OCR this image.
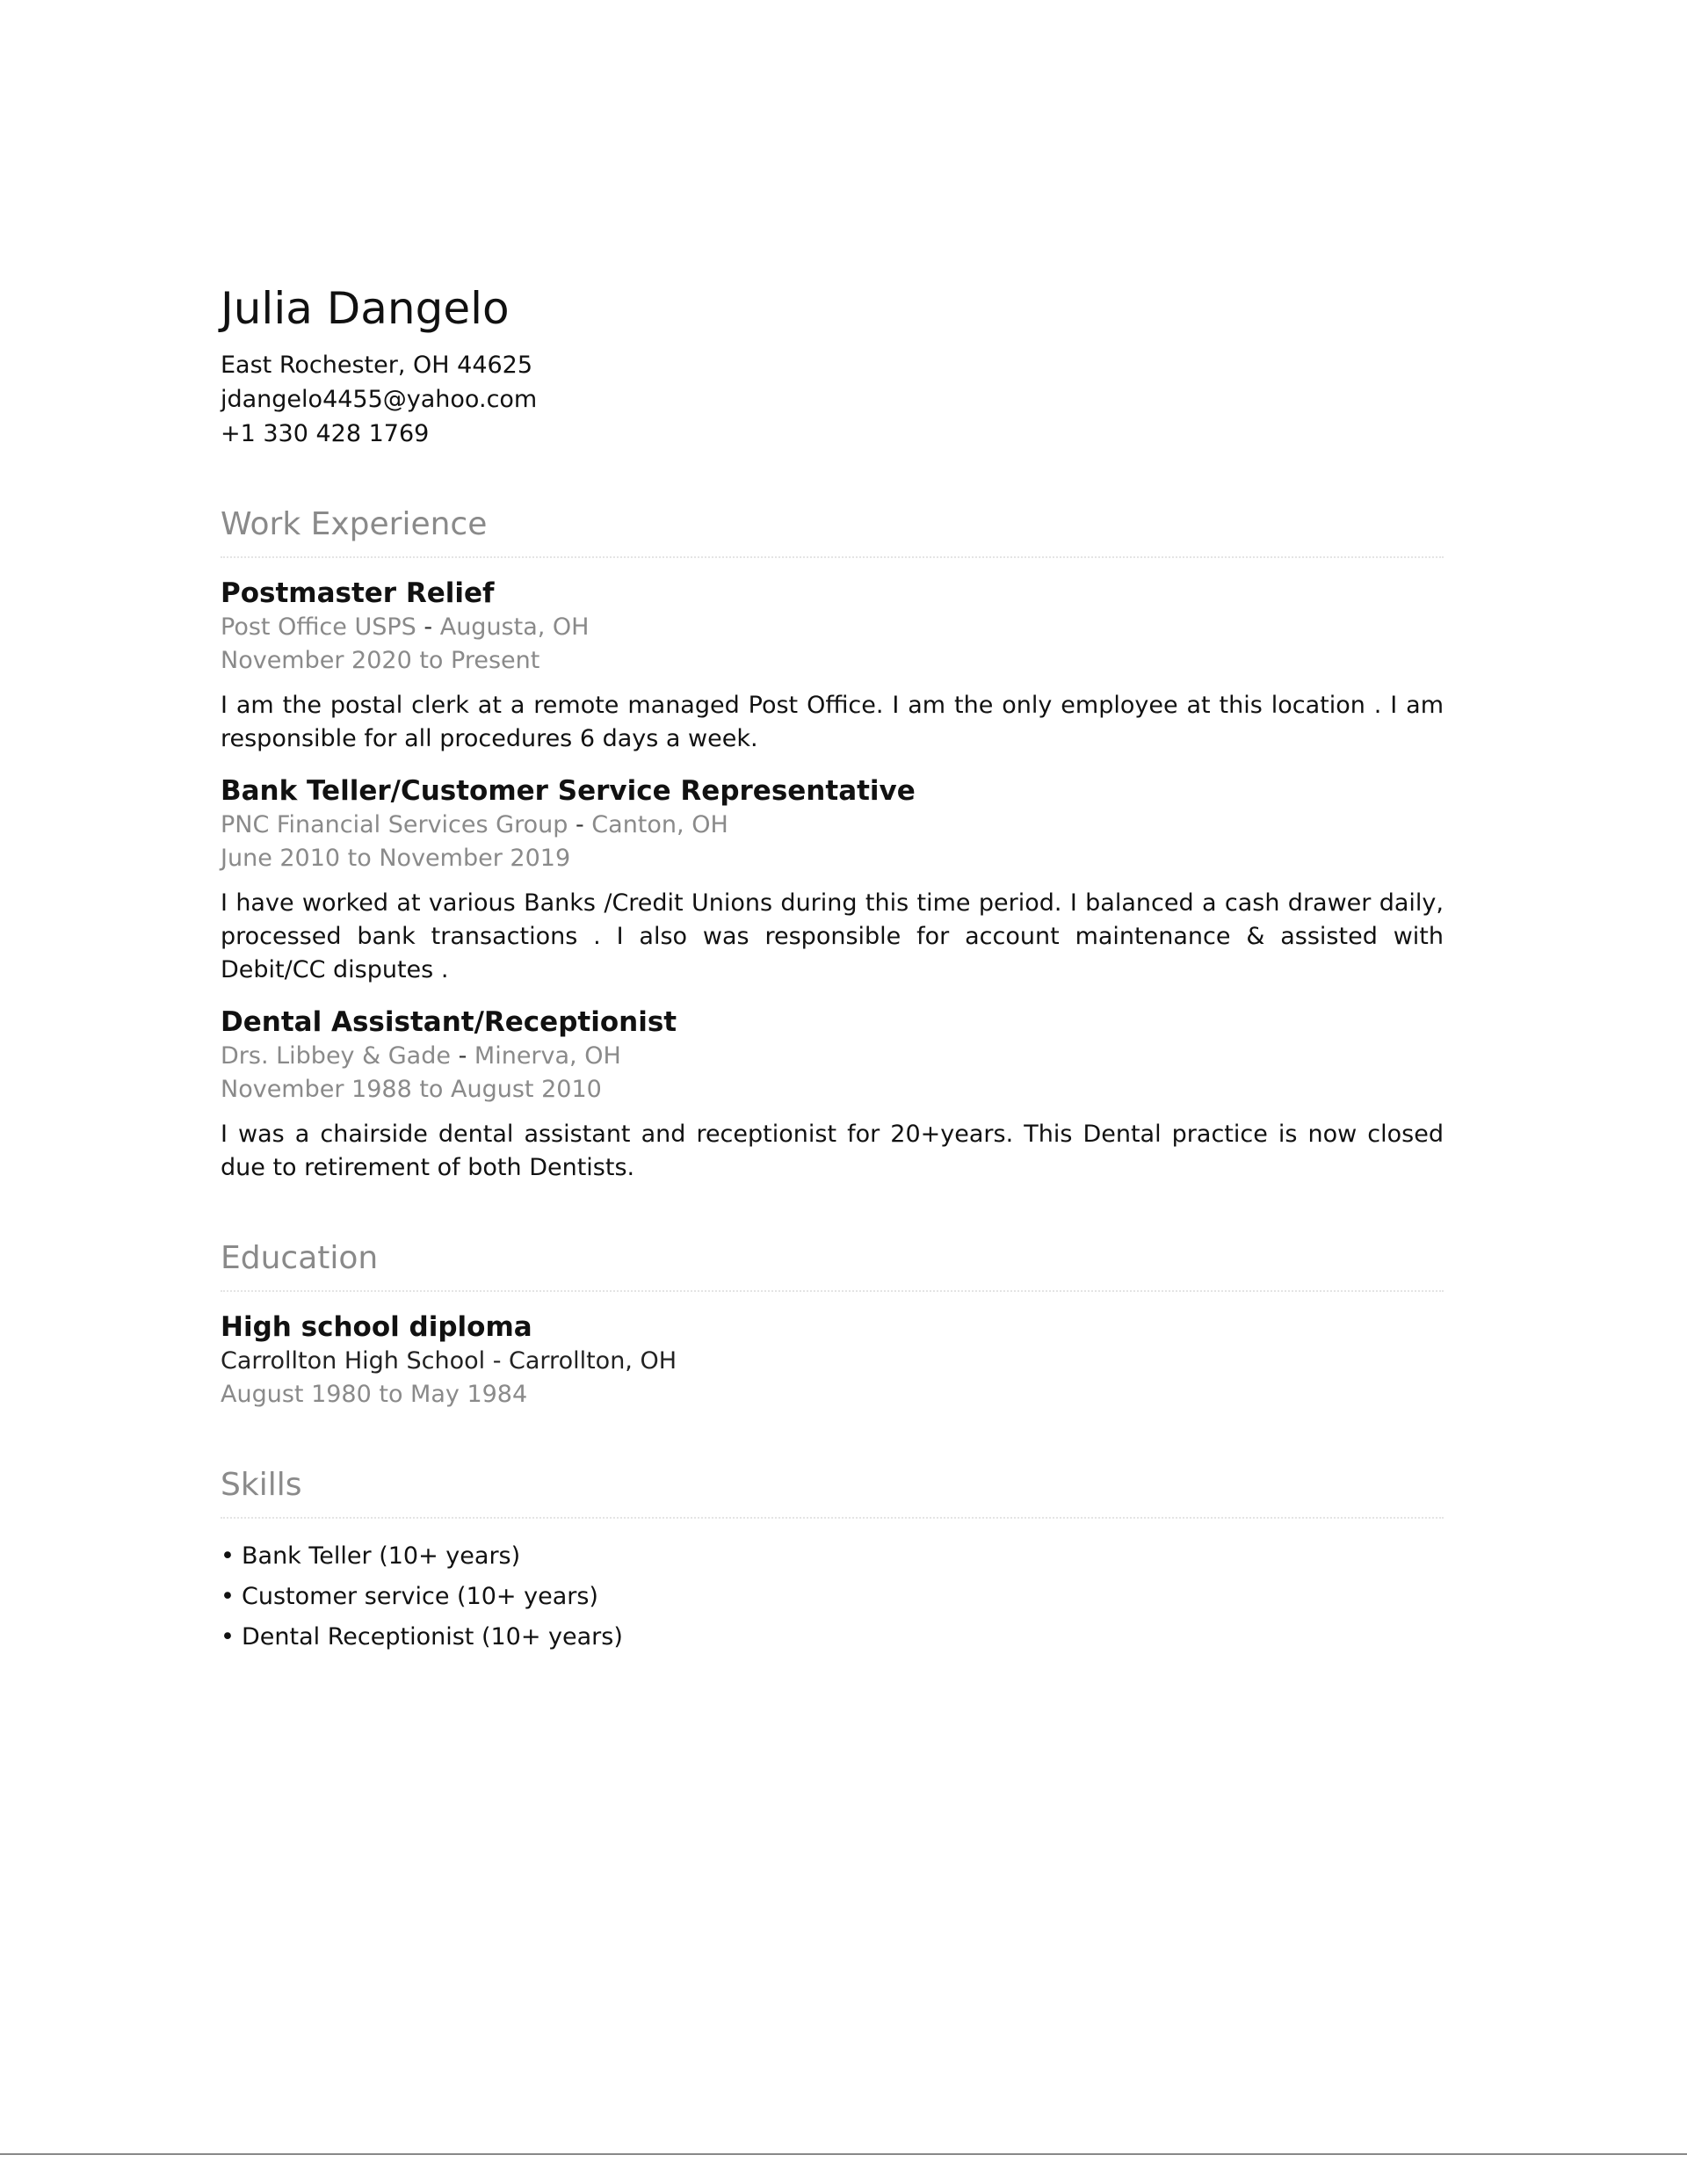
Julia Dangelo
East Rochester, OH 44625
jdangelo4455@yahoo.com
+1 330 428 1769
Work Experience
Postmaster Relief
Post Office USPS - Augusta, OH
November 2020 to Present
I am the postal clerk at a remote managed Post Office. I am the only employee at this location . I am responsible for all procedures 6 days a week.
Bank Teller/Customer Service Representative
PNC Financial Services Group - Canton, OH
June 2010 to November 2019
I have worked at various Banks /Credit Unions during this time period. I balanced a cash drawer daily, processed bank transactions . I also was responsible for account maintenance & assisted with Debit/CC disputes .
Dental Assistant/Receptionist
Drs. Libbey & Gade - Minerva, OH
November 1988 to August 2010
I was a chairside dental assistant and receptionist for 20+years. This Dental practice is now closed due to retirement of both Dentists.
Education
High school diploma
Carrollton High School - Carrollton, OH
August 1980 to May 1984
Skills
• Bank Teller (10+ years)
• Customer service (10+ years)
• Dental Receptionist (10+ years)
